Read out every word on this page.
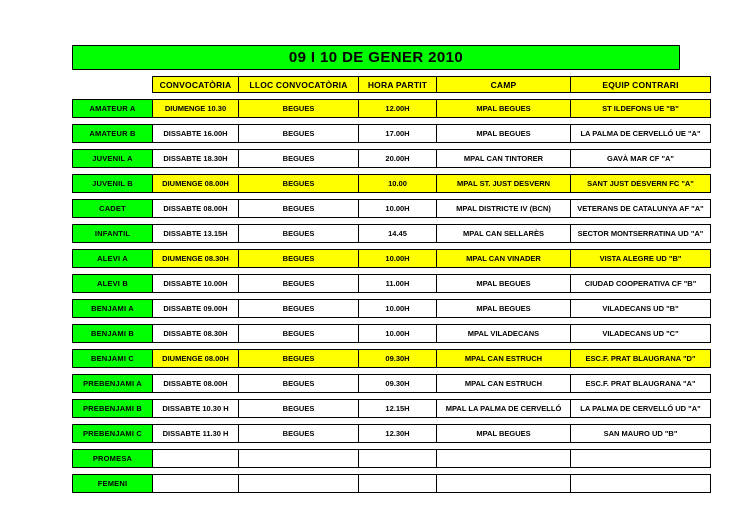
09 I 10 DE GENER 2010
	CONVOCATÒRIA	LLOC CONVOCATÒRIA	HORA PARTIT	CAMP	EQUIP CONTRARI

AMATEUR A	DIUMENGE 10.30	BEGUES	12.00H	MPAL BEGUES	ST ILDEFONS UE "B"

AMATEUR B	DISSABTE 16.00H	BEGUES	17.00H	MPAL BEGUES	LA PALMA DE CERVELLÓ UE "A"

JUVENIL A	DISSABTE 18.30H	BEGUES	20.00H	MPAL CAN TINTORER	GAVÀ MAR CF "A"

JUVENIL B	DIUMENGE 08.00H	BEGUES	10.00	MPAL ST. JUST DESVERN	SANT JUST DESVERN FC "A"

CADET	DISSABTE 08.00H	BEGUES	10.00H	MPAL DISTRICTE IV (BCN)	VETERANS DE CATALUNYA AF "A"

INFANTIL	DISSABTE 13.15H	BEGUES	14.45	MPAL CAN SELLARÈS	SECTOR MONTSERRATINA UD "A"

ALEVI A	DIUMENGE 08.30H	BEGUES	10.00H	MPAL CAN VINADER	VISTA ALEGRE UD "B"

ALEVI B	DISSABTE 10.00H	BEGUES	11.00H	MPAL BEGUES	CIUDAD COOPERATIVA CF "B"

BENJAMI A	DISSABTE 09.00H	BEGUES	10.00H	MPAL BEGUES	VILADECANS UD "B"

BENJAMI B	DISSABTE 08.30H	BEGUES	10.00H	MPAL VILADECANS	VILADECANS UD "C"

BENJAMI C	DIUMENGE 08.00H	BEGUES	09.30H	MPAL CAN ESTRUCH	ESC.F. PRAT BLAUGRANA "D"

PREBENJAMI A	DISSABTE 08.00H	BEGUES	09.30H	MPAL CAN ESTRUCH	ESC.F. PRAT BLAUGRANA "A"

PREBENJAMI B	DISSABTE 10.30 H	BEGUES	12.15H	MPAL LA PALMA DE CERVELLÓ	LA PALMA DE CERVELLÓ UD "A"

PREBENJAMI C	DISSABTE 11.30 H	BEGUES	12.30H	MPAL BEGUES	SAN MAURO UD "B"

PROMESA					

FEMENI					
